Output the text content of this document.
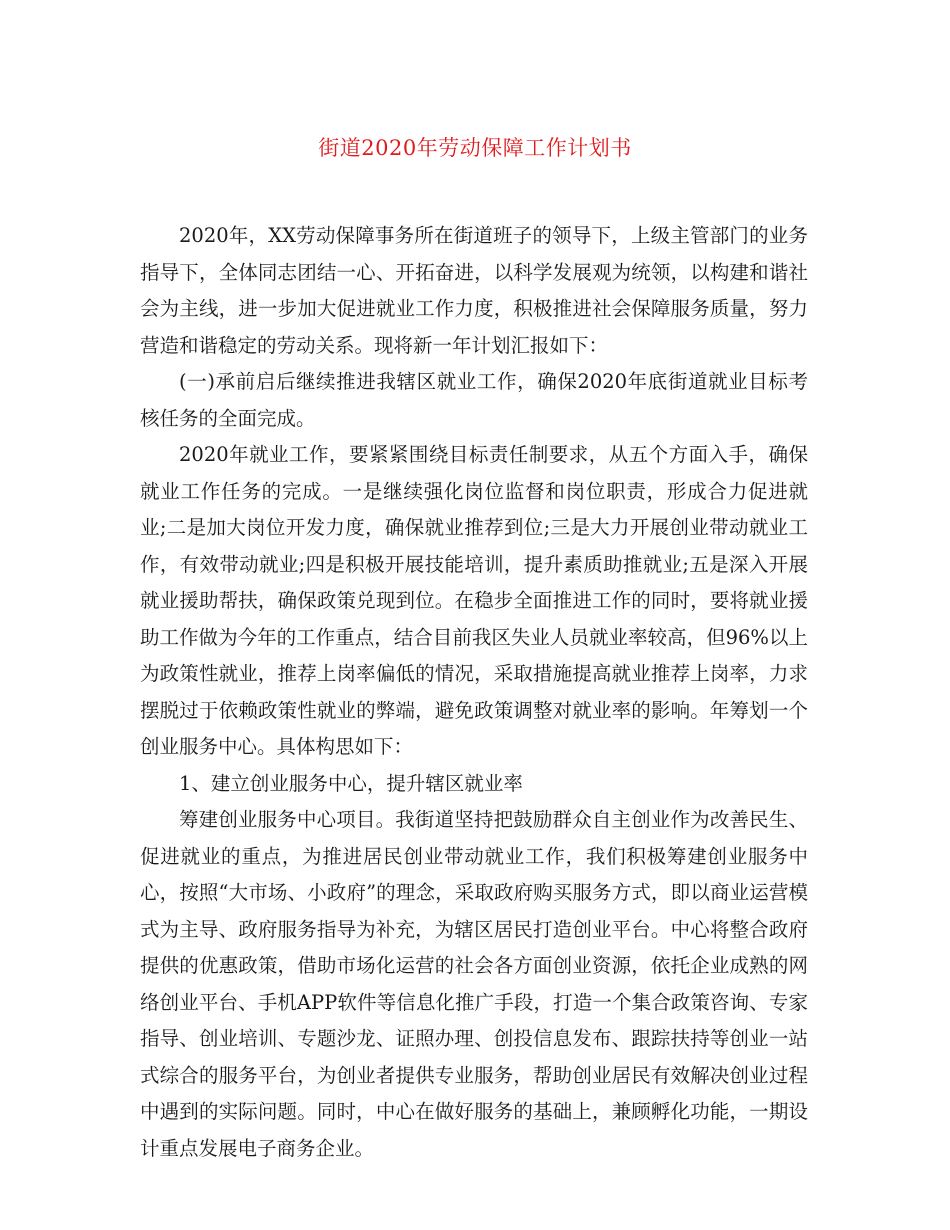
街道2020年劳动保障工作计划书

2020年，XX劳动保障事务所在街道班子的领导下，上级主管部门的业务指导下，全体同志团结一心、开拓奋进，以科学发展观为统领，以构建和谐社会为主线，进一步加大促进就业工作力度，积极推进社会保障服务质量，努力营造和谐稳定的劳动关系。现将新一年计划汇报如下：

(一)承前启后继续推进我辖区就业工作，确保2020年底街道就业目标考核任务的全面完成。

2020年就业工作，要紧紧围绕目标责任制要求，从五个方面入手，确保就业工作任务的完成。一是继续强化岗位监督和岗位职责，形成合力促进就业;二是加大岗位开发力度，确保就业推荐到位;三是大力开展创业带动就业工作，有效带动就业;四是积极开展技能培训，提升素质助推就业;五是深入开展就业援助帮扶，确保政策兑现到位。在稳步全面推进工作的同时，要将就业援助工作做为今年的工作重点，结合目前我区失业人员就业率较高，但96%以上为政策性就业，推荐上岗率偏低的情况，采取措施提高就业推荐上岗率，力求摆脱过于依赖政策性就业的弊端，避免政策调整对就业率的影响。年筹划一个创业服务中心。具体构思如下：

1、建立创业服务中心，提升辖区就业率

筹建创业服务中心项目。我街道坚持把鼓励群众自主创业作为改善民生、促进就业的重点，为推进居民创业带动就业工作，我们积极筹建创业服务中心，按照“大市场、小政府”的理念，采取政府购买服务方式，即以商业运营模式为主导、政府服务指导为补充，为辖区居民打造创业平台。中心将整合政府提供的优惠政策，借助市场化运营的社会各方面创业资源，依托企业成熟的网络创业平台、手机APP软件等信息化推广手段，打造一个集合政策咨询、专家指导、创业培训、专题沙龙、证照办理、创投信息发布、跟踪扶持等创业一站式综合的服务平台，为创业者提供专业服务，帮助创业居民有效解决创业过程中遇到的实际问题。同时，中心在做好服务的基础上，兼顾孵化功能，一期设计重点发展电子商务企业。
